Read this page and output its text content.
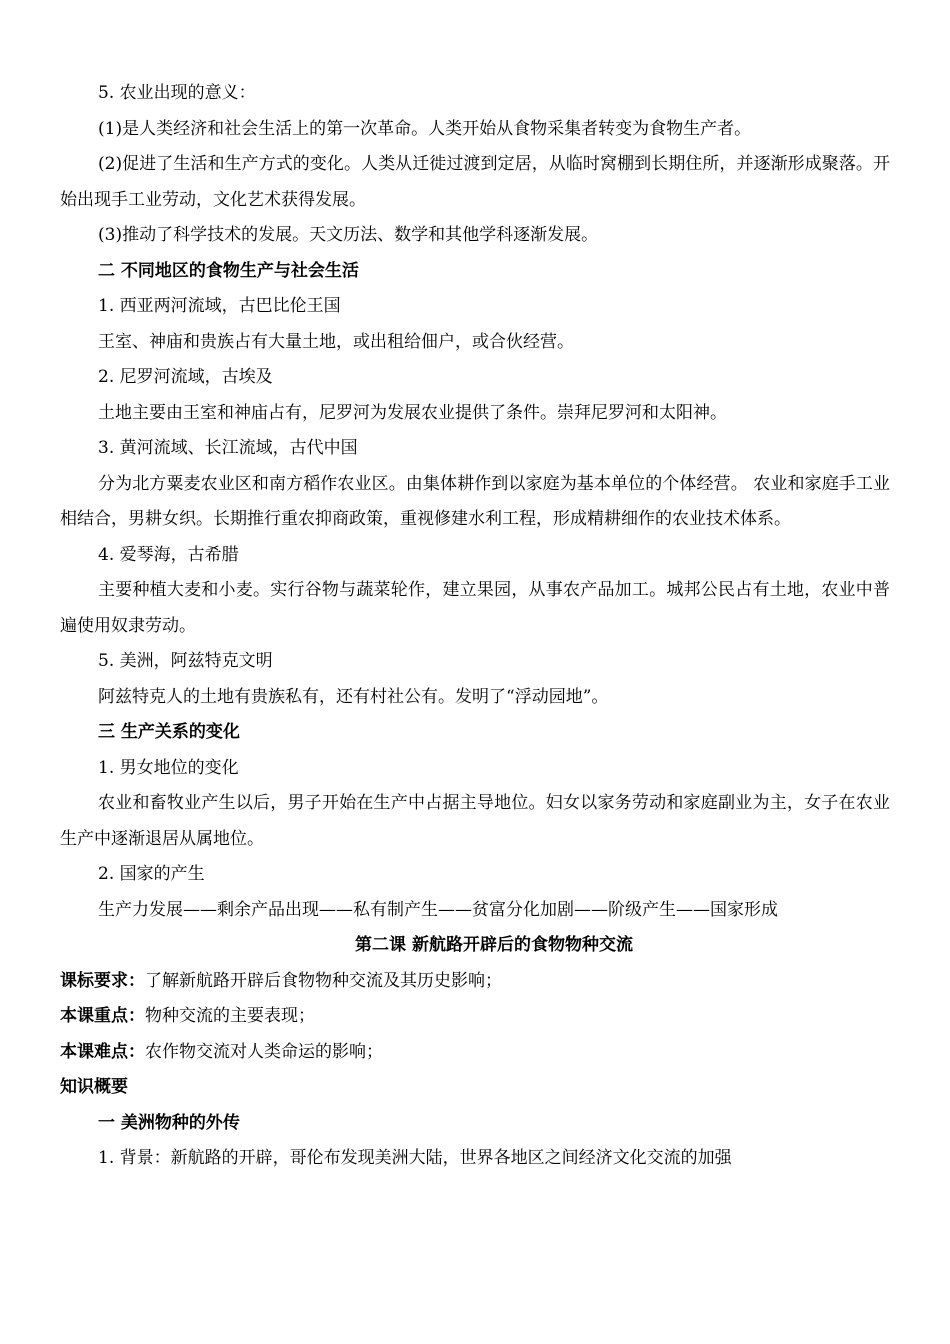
5. 农业出现的意义：

(1)是人类经济和社会生活上的第一次革命。人类开始从食物采集者转变为食物生产者。

(2)促进了生活和生产方式的变化。人类从迁徙过渡到定居，从临时窝棚到长期住所，并逐渐形成聚落。开始出现手工业劳动，文化艺术获得发展。

(3)推动了科学技术的发展。天文历法、数学和其他学科逐渐发展。

二 不同地区的食物生产与社会生活

1. 西亚两河流域，古巴比伦王国

王室、神庙和贵族占有大量土地，或出租给佃户，或合伙经营。

2. 尼罗河流域，古埃及

土地主要由王室和神庙占有，尼罗河为发展农业提供了条件。崇拜尼罗河和太阳神。

3. 黄河流域、长江流域，古代中国

分为北方粟麦农业区和南方稻作农业区。由集体耕作到以家庭为基本单位的个体经营。 农业和家庭手工业相结合，男耕女织。长期推行重农抑商政策，重视修建水利工程，形成精耕细作的农业技术体系。

4. 爱琴海，古希腊

主要种植大麦和小麦。实行谷物与蔬菜轮作，建立果园，从事农产品加工。城邦公民占有土地，农业中普遍使用奴隶劳动。

5. 美洲，阿兹特克文明

阿兹特克人的土地有贵族私有，还有村社公有。发明了“浮动园地”。

三 生产关系的变化

1. 男女地位的变化

农业和畜牧业产生以后，男子开始在生产中占据主导地位。妇女以家务劳动和家庭副业为主，女子在农业生产中逐渐退居从属地位。

2. 国家的产生

生产力发展——剩余产品出现——私有制产生——贫富分化加剧——阶级产生——国家形成

第二课 新航路开辟后的食物物种交流

课标要求：了解新航路开辟后食物物种交流及其历史影响；

本课重点：物种交流的主要表现；

本课难点：农作物交流对人类命运的影响；

知识概要

一 美洲物种的外传

1. 背景：新航路的开辟，哥伦布发现美洲大陆，世界各地区之间经济文化交流的加强
